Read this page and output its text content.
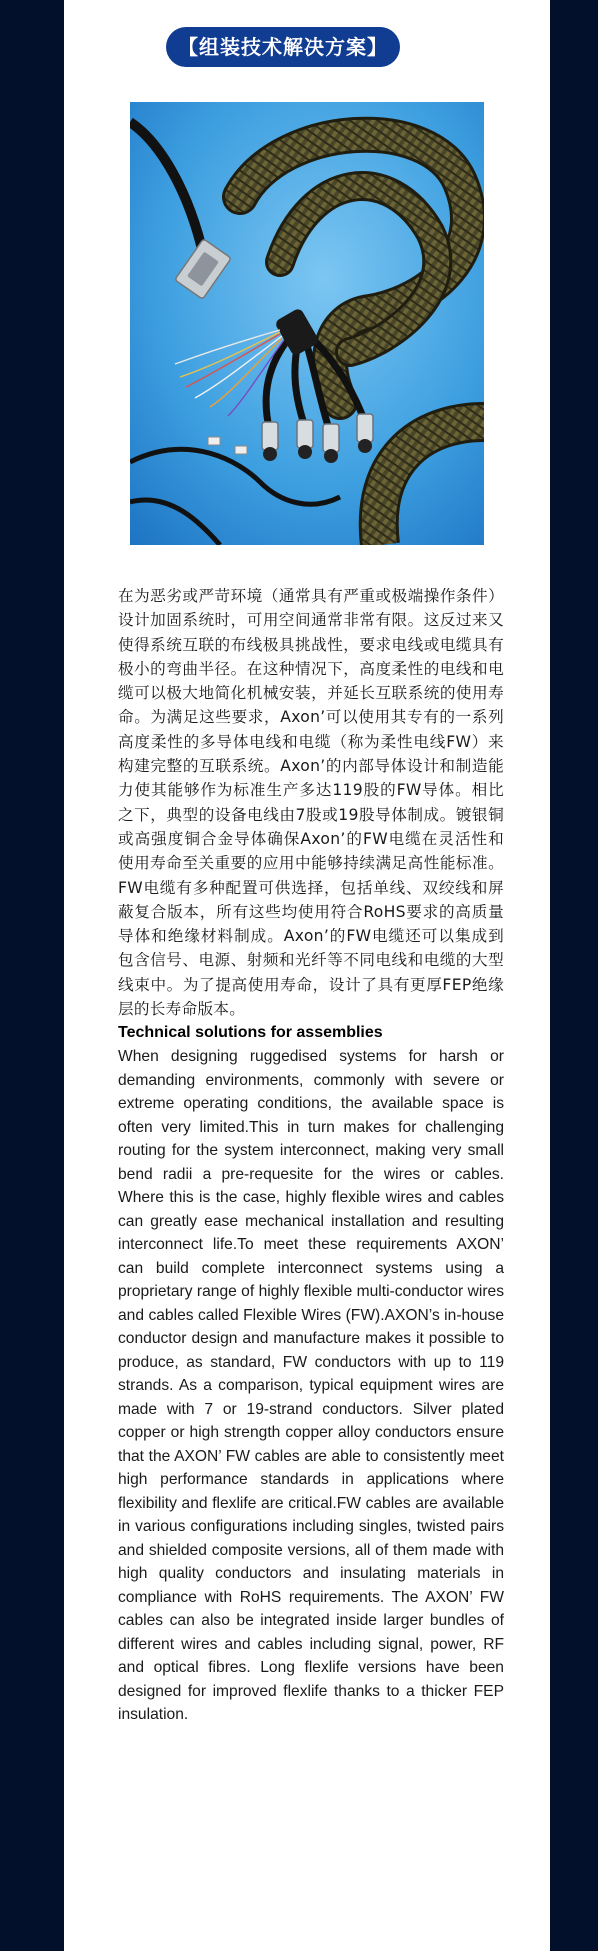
【组装技术解决方案】

在为恶劣或严苛环境（通常具有严重或极端操作条件）设计加固系统时，可用空间通常非常有限。这反过来又使得系统互联的布线极具挑战性，要求电线或电缆具有极小的弯曲半径。在这种情况下，高度柔性的电线和电缆可以极大地简化机械安装，并延长互联系统的使用寿命。为满足这些要求，Axon’可以使用其专有的一系列高度柔性的多导体电线和电缆（称为柔性电线FW）来构建完整的互联系统。Axon’的内部导体设计和制造能力使其能够作为标准生产多达119股的FW导体。相比之下，典型的设备电线由7股或19股导体制成。镀银铜或高强度铜合金导体确保Axon’的FW电缆在灵活性和使用寿命至关重要的应用中能够持续满足高性能标准。FW电缆有多种配置可供选择，包括单线、双绞线和屏蔽复合版本，所有这些均使用符合RoHS要求的高质量导体和绝缘材料制成。Axon’的FW电缆还可以集成到包含信号、电源、射频和光纤等不同电线和电缆的大型线束中。为了提高使用寿命，设计了具有更厚FEP绝缘层的长寿命版本。

Technical solutions for assemblies

When designing ruggedised systems for harsh or demanding environments, commonly with severe or extreme operating conditions, the available space is often very limited.This in turn makes for challenging routing for the system interconnect, making very small bend radii a pre-requesite for the wires or cables. Where this is the case, highly flexible wires and cables can greatly ease mechanical installation and resulting interconnect life.To meet these requirements AXON’ can build complete interconnect systems using a proprietary range of highly flexible multi-conductor wires and cables called Flexible Wires (FW).AXON’s in-house conductor design and manufacture makes it possible to produce, as standard, FW conductors with up to 119 strands. As a comparison, typical equipment wires are made with 7 or 19-strand conductors. Silver plated copper or high strength copper alloy conductors ensure that the AXON’ FW cables are able to consistently meet high performance standards in applications where flexibility and flexlife are critical.FW cables are available in various configurations including singles, twisted pairs and shielded composite versions, all of them made with high quality conductors and insulating materials in compliance with RoHS requirements. The AXON’ FW cables can also be integrated inside larger bundles of different wires and cables including signal, power, RF and optical fibres. Long flexlife versions have been designed for improved flexlife thanks to a thicker FEP insulation.
